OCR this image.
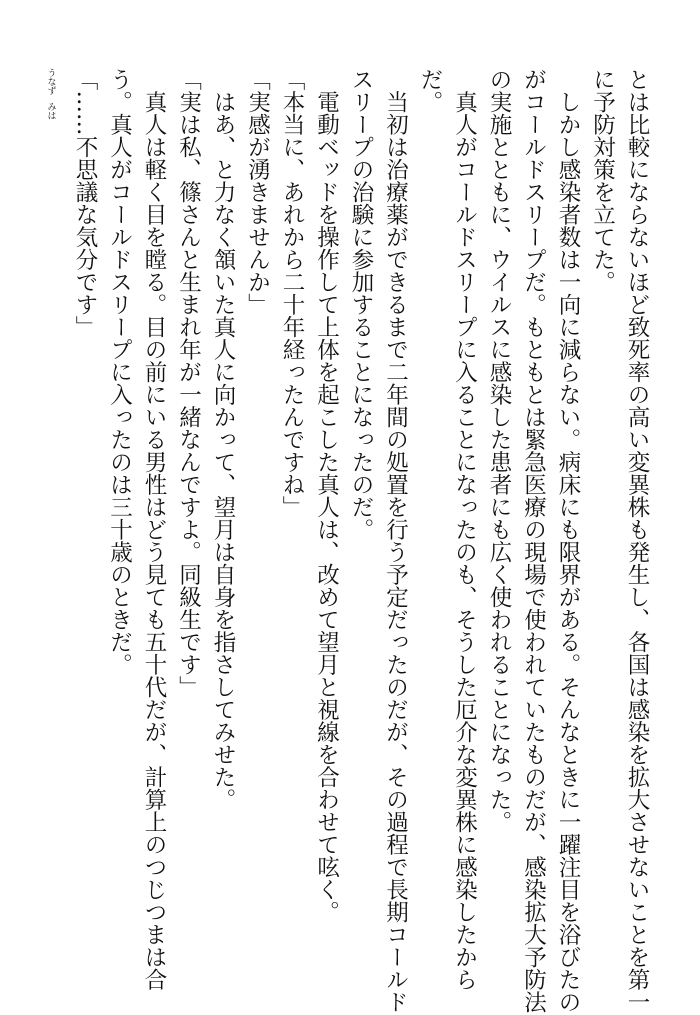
とは比較にならないほど致死率の高い変異株も発生し、各国は感染を拡大させないことを第一
に予防対策を立てた。
　しかし感染者数は一向に減らない。病床にも限界がある。そんなときに一躍注目を浴びたの
がコールドスリープだ。もともとは緊急医療の現場で使われていたものだが、感染拡大予防法
の実施とともに、ウイルスに感染した患者にも広く使われることになった。
　真人がコールドスリープに入ることになったのも、そうした厄介な変異株に感染したから
だ。
　当初は治療薬ができるまで二年間の処置を行う予定だったのだが、その過程で長期コールド
スリープの治験に参加することになったのだ。
　電動ベッドを操作して上体を起こした真人は、改めて望月と視線を合わせて呟く。
「本当に、あれから二十年経ったんですね」
「実感が湧きませんか」
　はあ、と力なく頷いた真人に向かって、望月は自身を指さしてみせた。
「実は私、篠さんと生まれ年が一緒なんですよ。同級生です」
　真人は軽く目を瞠る。目の前にいる男性はどう見ても五十代だが、計算上のつじつまは合
う。真人がコールドスリープに入ったのは三十歳のときだ。
「……不思議な気分です」
うなず みは
